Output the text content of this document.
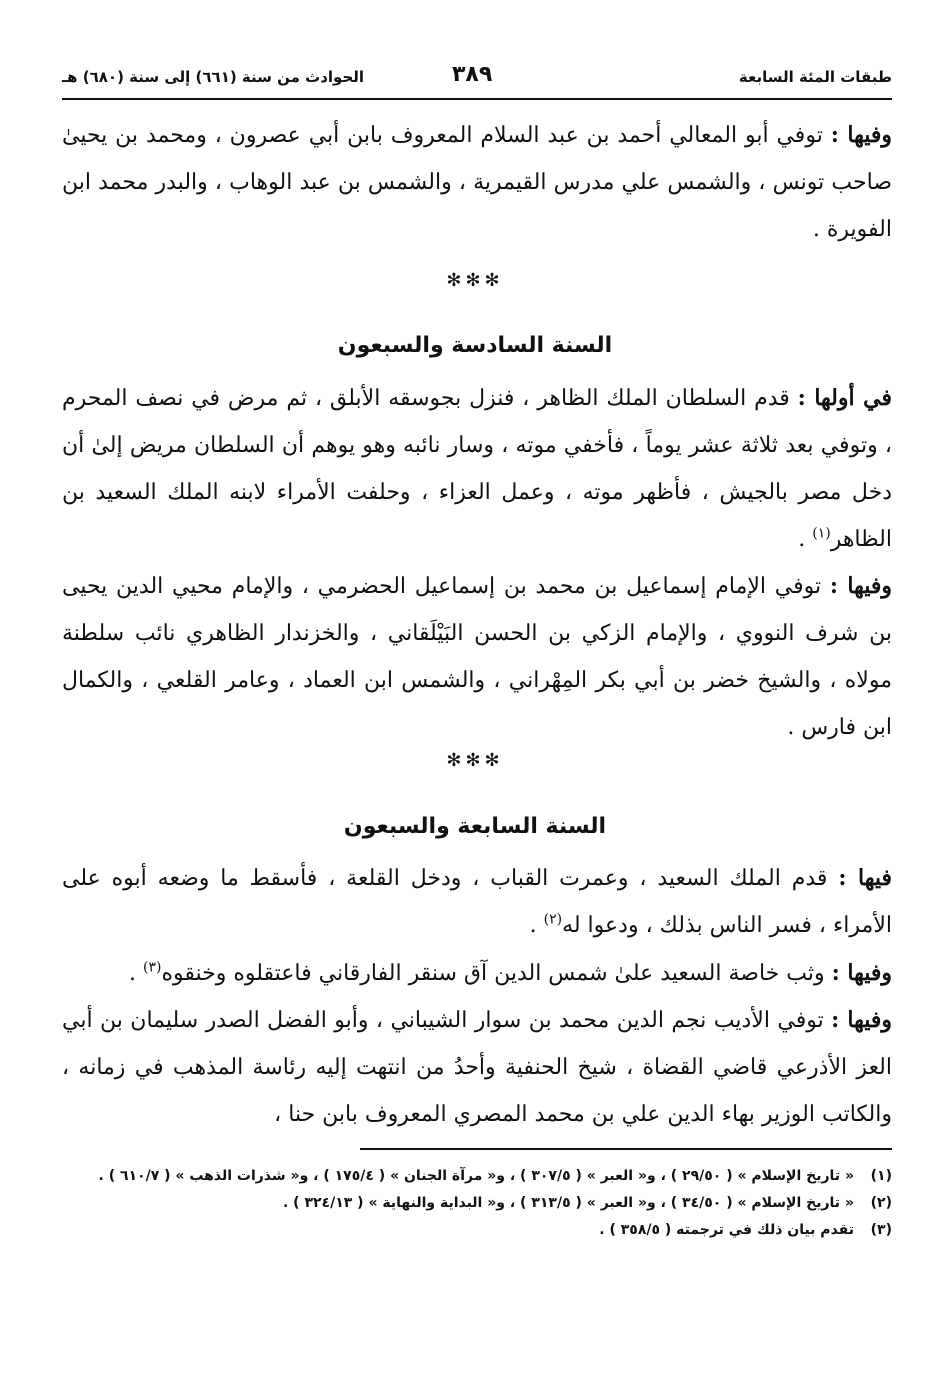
طبقات المئة السابعة
٣٨٩
الحوادث من سنة (٦٦١) إلى سنة (٦٨٠) هـ

وفيها : توفي أبو المعالي أحمد بن عبد السلام المعروف بابن أبي عصرون ، ومحمد بن يحيىٰ صاحب تونس ، والشمس علي مدرس القيمرية ، والشمس بن عبد الوهاب ، والبدر محمد ابن الفويرة .

✻✻✻
السنة السادسة والسبعون

في أولها : قدم السلطان الملك الظاهر ، فنزل بجوسقه الأبلق ، ثم مرض في نصف المحرم ، وتوفي بعد ثلاثة عشر يوماً ، فأخفي موته ، وسار نائبه وهو يوهم أن السلطان مريض إلىٰ أن دخل مصر بالجيش ، فأظهر موته ، وعمل العزاء ، وحلفت الأمراء لابنه الملك السعيد بن الظاهر$^{(١)}$ .

وفيها : توفي الإمام إسماعيل بن محمد بن إسماعيل الحضرمي ، والإمام محيي الدين يحيى بن شرف النووي ، والإمام الزكي بن الحسن البَيْلَقاني ، والخزندار الظاهري نائب سلطنة مولاه ، والشيخ خضر بن أبي بكر المِهْراني ، والشمس ابن العماد ، وعامر القلعي ، والكمال ابن فارس .

✻✻✻
السنة السابعة والسبعون

فيها : قدم الملك السعيد ، وعمرت القباب ، ودخل القلعة ، فأسقط ما وضعه أبوه على الأمراء ، فسر الناس بذلك ، ودعوا له$^{(٢)}$ .

وفيها : وثب خاصة السعيد علىٰ شمس الدين آق سنقر الفارقاني فاعتقلوه وخنقوه$^{(٣)}$ .

وفيها : توفي الأديب نجم الدين محمد بن سوار الشيباني ، وأبو الفضل الصدر سليمان بن أبي العز الأذرعي قاضي القضاة ، شيخ الحنفية وأحدُ من انتهت إليه رئاسة المذهب في زمانه ، والكاتب الوزير بهاء الدين علي بن محمد المصري المعروف بابن حنا ،

(١)
« تاريخ الإسلام » ( ٢٩/٥٠ ) ، و« العبر » ( ٣٠٧/٥ ) ، و« مرآة الجنان » ( ١٧٥/٤ ) ، و« شذرات الذهب » ( ٦١٠/٧ ) .
(٢)
« تاريخ الإسلام » ( ٣٤/٥٠ ) ، و« العبر » ( ٣١٣/٥ ) ، و« البداية والنهاية » ( ٣٢٤/١٣ ) .
(٣)
تقدم بيان ذلك في ترجمته ( ٣٥٨/٥ ) .
